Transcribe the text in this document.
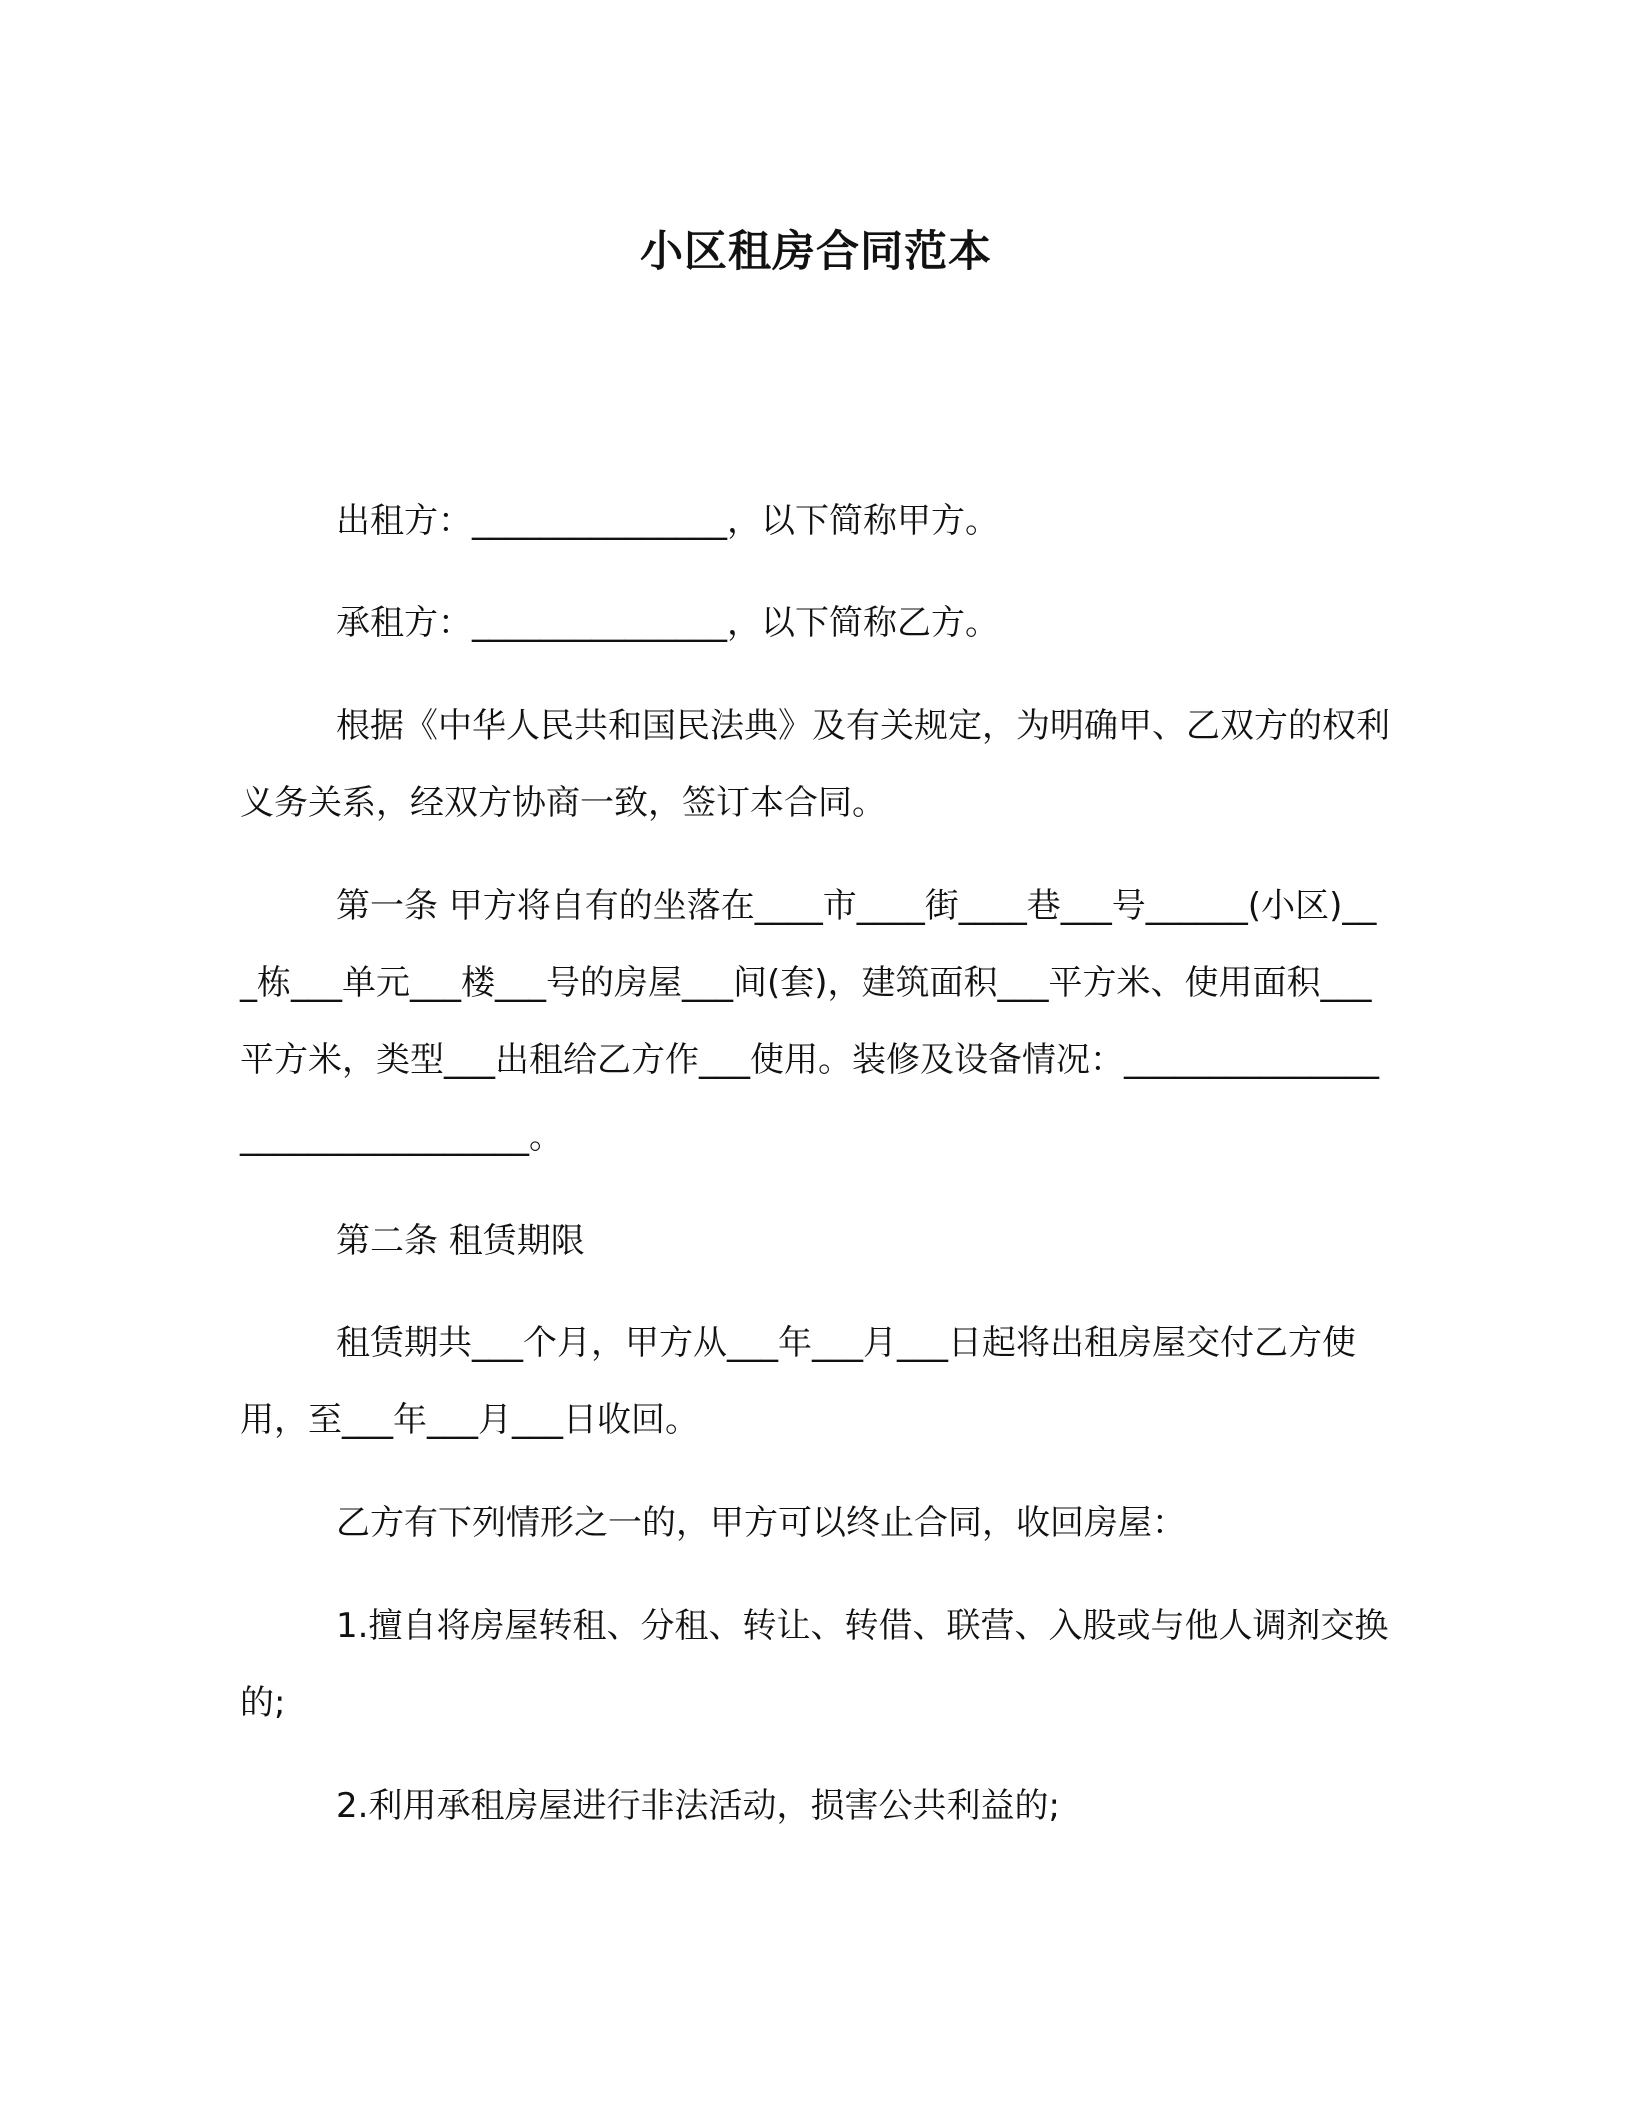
小区租房合同范本

出租方：_______________，以下简称甲方。

承租方：_______________，以下简称乙方。

根据《中华人民共和国民法典》及有关规定，为明确甲、乙双方的权利义务关系，经双方协商一致，签订本合同。

第一条 甲方将自有的坐落在____市____街____巷___号______(小区)___栋___单元___楼___号的房屋___间(套)，建筑面积___平方米、使用面积___平方米，类型___出租给乙方作___使用。装修及设备情况：________________________________。

第二条 租赁期限

租赁期共___个月，甲方从___年___月___日起将出租房屋交付乙方使用，至___年___月___日收回。

乙方有下列情形之一的，甲方可以终止合同，收回房屋：

1.擅自将房屋转租、分租、转让、转借、联营、入股或与他人调剂交换的;

2.利用承租房屋进行非法活动，损害公共利益的;
